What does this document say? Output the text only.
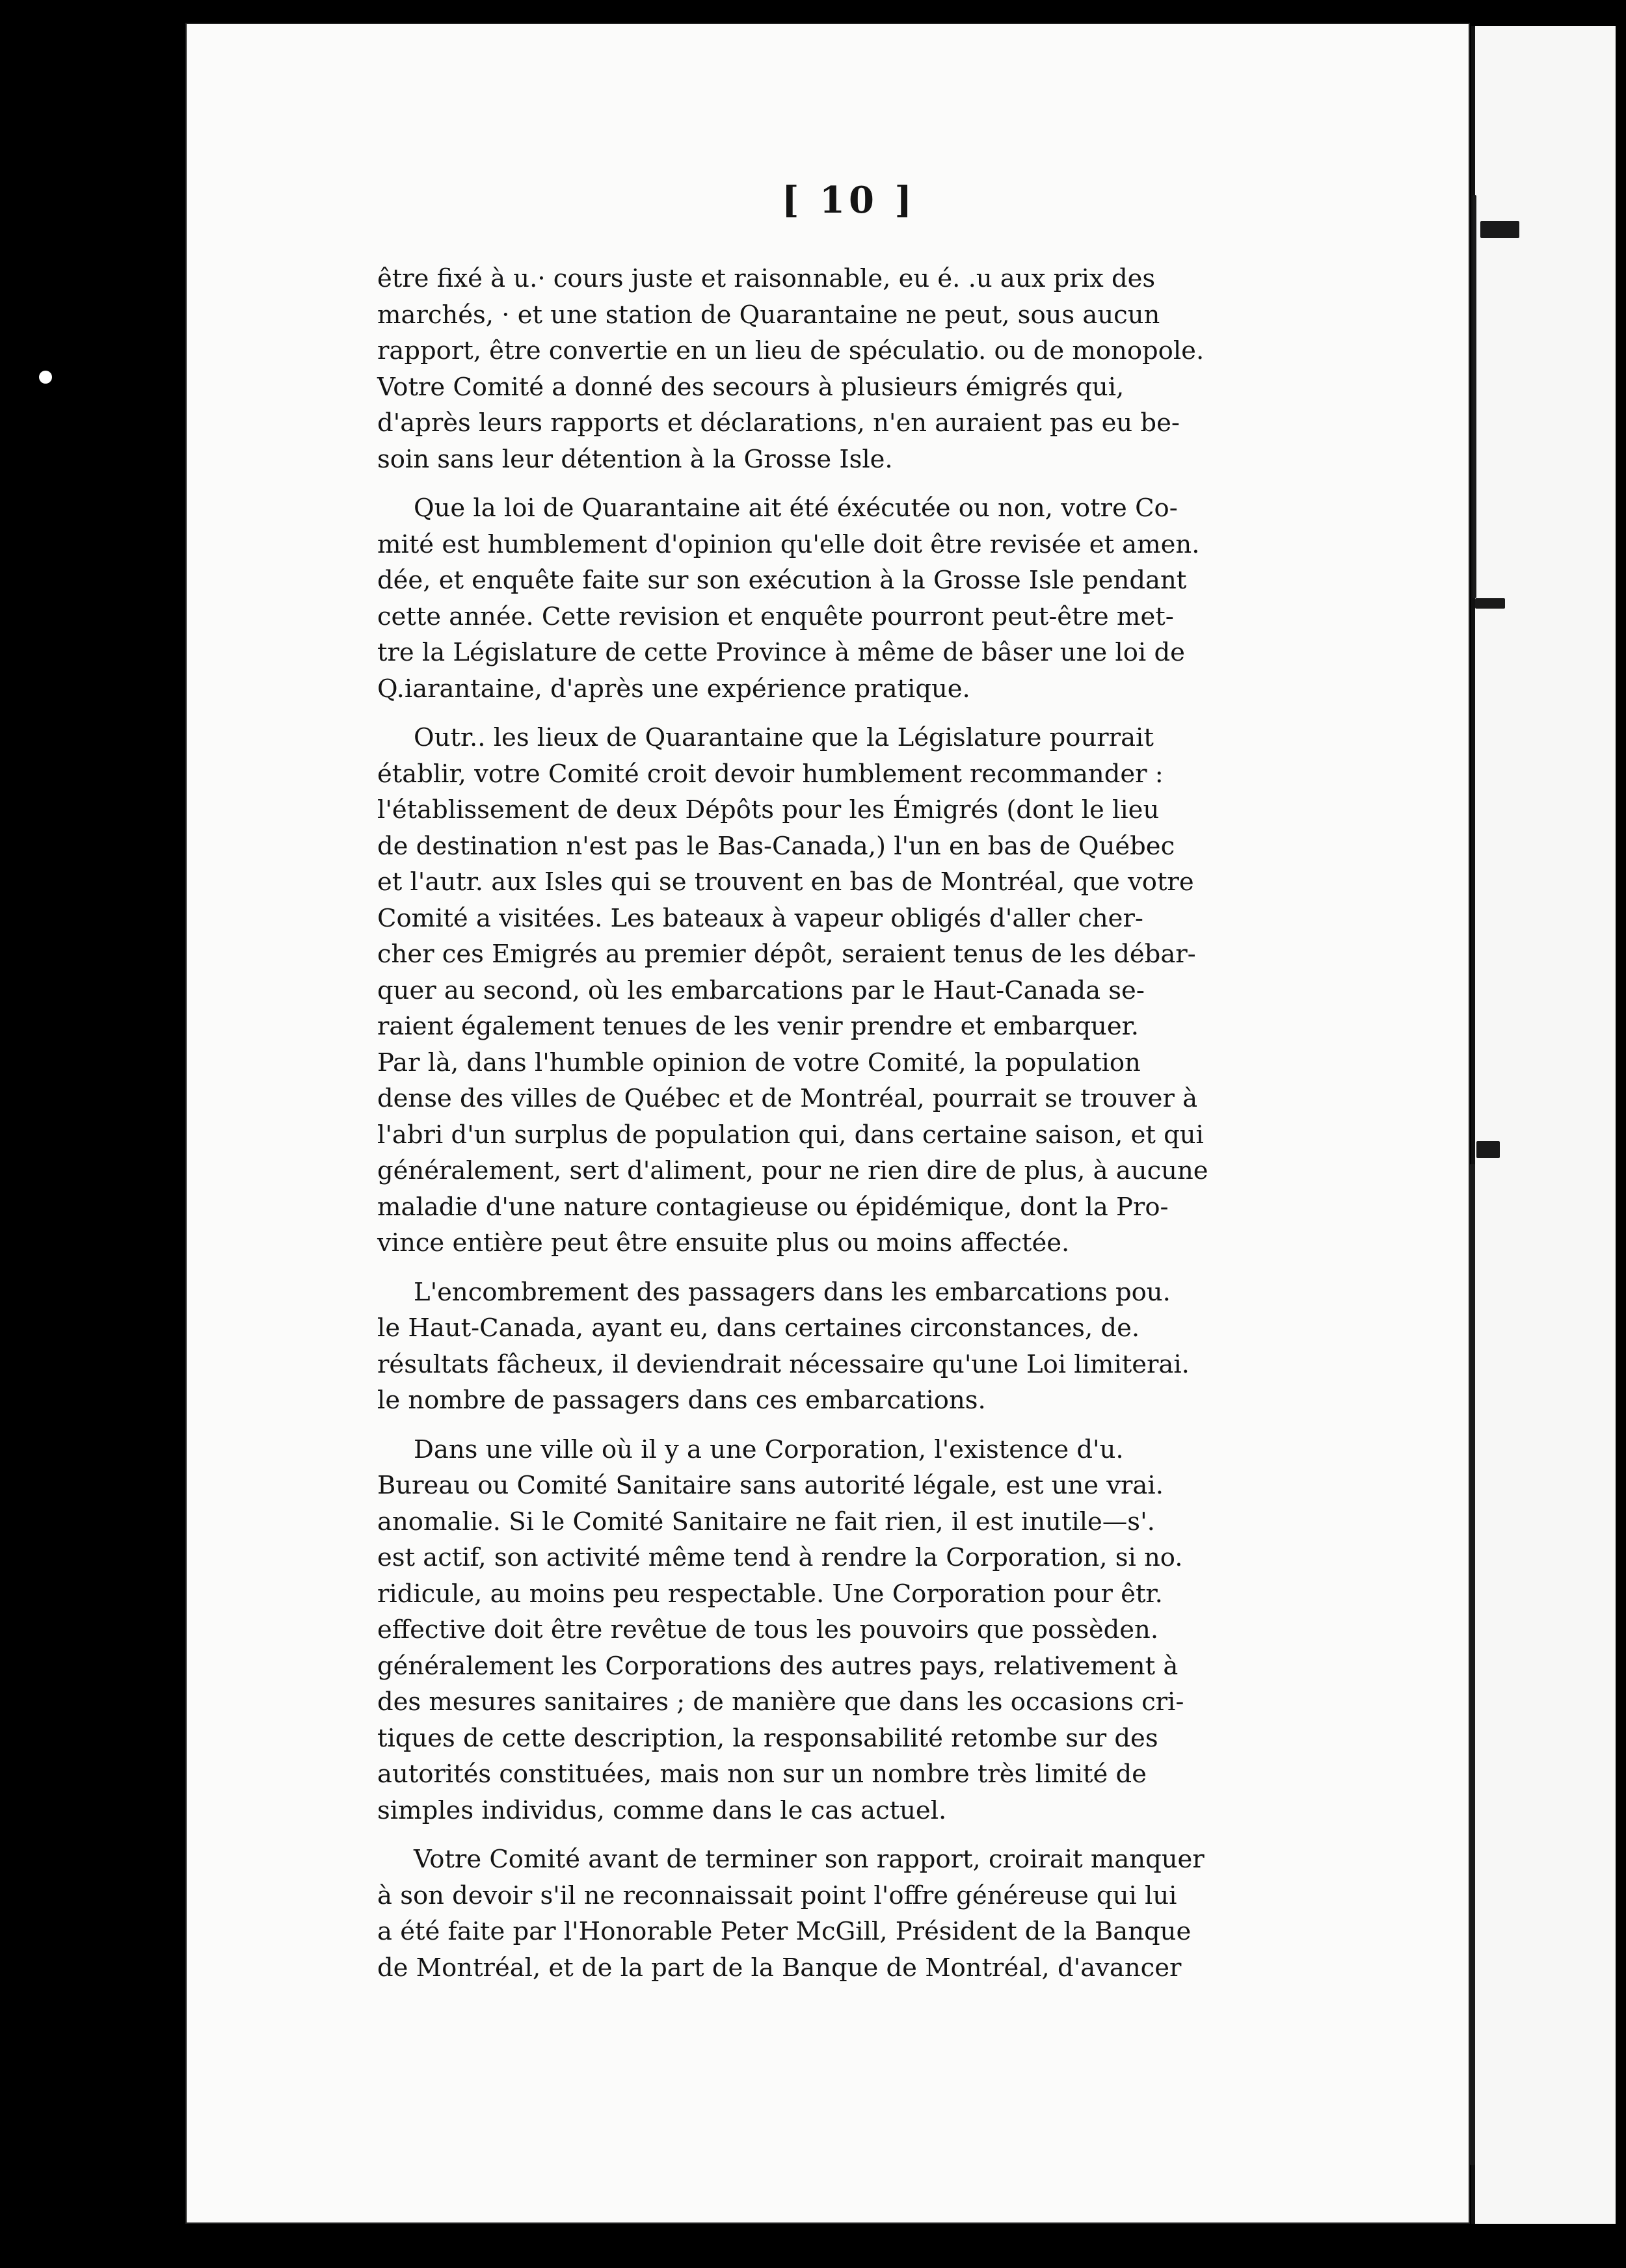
[ 10 ]

être fixé à u.· cours juste et raisonnable, eu é. .u aux prix des
marchés, · et une station de Quarantaine ne peut, sous aucun
rapport, être convertie en un lieu de spéculatio. ou de monopole.
Votre Comité a donné des secours à plusieurs émigrés qui,
d'après leurs rapports et déclarations, n'en auraient pas eu be-
soin sans leur détention à la Grosse Isle.

Que la loi de Quarantaine ait été éxécutée ou non, votre Co-
mité est humblement d'opinion qu'elle doit être revisée et amen.
dée, et enquête faite sur son exécution à la Grosse Isle pendant
cette année. Cette revision et enquête pourront peut-être met-
tre la Législature de cette Province à même de bâser une loi de
Q.iarantaine, d'après une expérience pratique.

Outr.. les lieux de Quarantaine que la Législature pourrait
établir, votre Comité croit devoir humblement recommander :
l'établissement de deux Dépôts pour les Émigrés (dont le lieu
de destination n'est pas le Bas-Canada,) l'un en bas de Québec
et l'autr. aux Isles qui se trouvent en bas de Montréal, que votre
Comité a visitées. Les bateaux à vapeur obligés d'aller cher-
cher ces Emigrés au premier dépôt, seraient tenus de les débar-
quer au second, où les embarcations par le Haut-Canada se-
raient également tenues de les venir prendre et embarquer.
Par là, dans l'humble opinion de votre Comité, la population
dense des villes de Québec et de Montréal, pourrait se trouver à
l'abri d'un surplus de population qui, dans certaine saison, et qui
généralement, sert d'aliment, pour ne rien dire de plus, à aucune
maladie d'une nature contagieuse ou épidémique, dont la Pro-
vince entière peut être ensuite plus ou moins affectée.

L'encombrement des passagers dans les embarcations pou.
le Haut-Canada, ayant eu, dans certaines circonstances, de.
résultats fâcheux, il deviendrait nécessaire qu'une Loi limiterai.
le nombre de passagers dans ces embarcations.

Dans une ville où il y a une Corporation, l'existence d'u.
Bureau ou Comité Sanitaire sans autorité légale, est une vrai.
anomalie. Si le Comité Sanitaire ne fait rien, il est inutile—s'.
est actif, son activité même tend à rendre la Corporation, si no.
ridicule, au moins peu respectable. Une Corporation pour êtr.
effective doit être revêtue de tous les pouvoirs que possèden.
généralement les Corporations des autres pays, relativement à
des mesures sanitaires ; de manière que dans les occasions cri-
tiques de cette description, la responsabilité retombe sur des
autorités constituées, mais non sur un nombre très limité de
simples individus, comme dans le cas actuel.

Votre Comité avant de terminer son rapport, croirait manquer
à son devoir s'il ne reconnaissait point l'offre généreuse qui lui
a été faite par l'Honorable Peter McGill, Président de la Banque
de Montréal, et de la part de la Banque de Montréal, d'avancer
